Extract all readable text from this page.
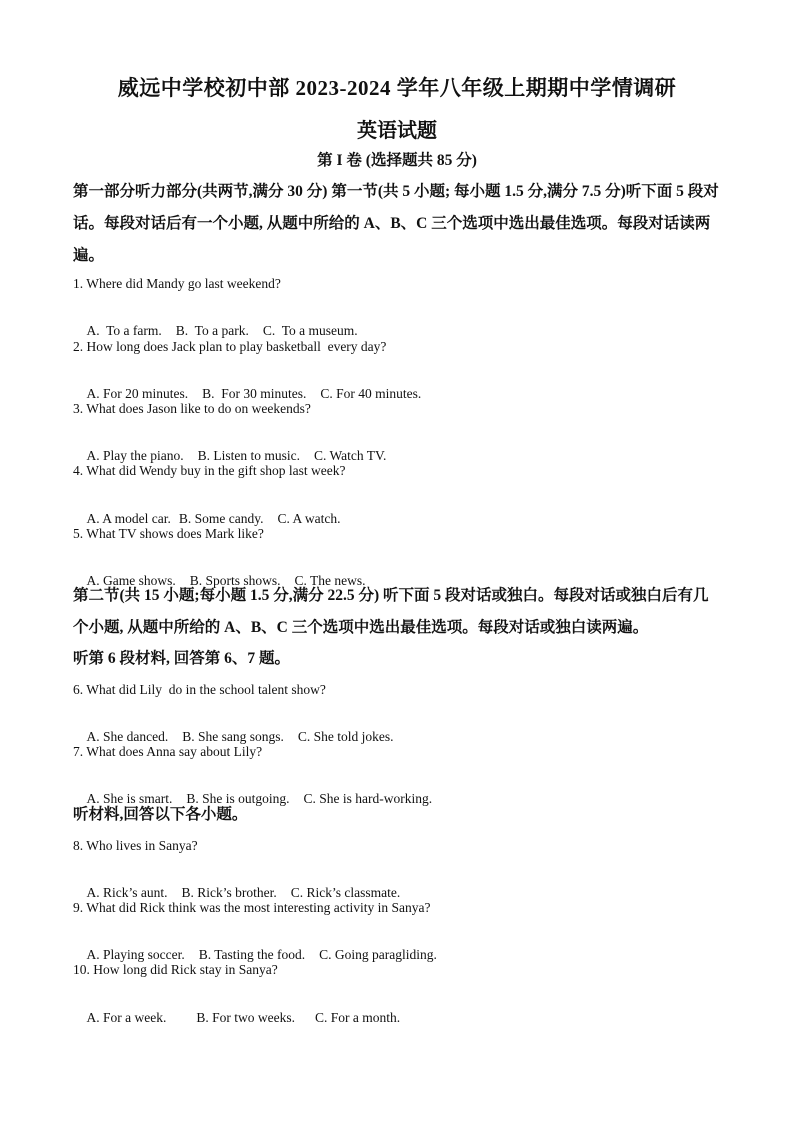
威远中学校初中部 2023-2024 学年八年级上期期中学情调研
英语试题
第 I 卷 (选择题共 85 分)
第一部分听力部分(共两节,满分 30 分) 第一节(共 5 小题; 每小题 1.5 分,满分 7.5 分)听下面 5 段对话。每段对话后有一个小题, 从题中所给的 A、B、C 三个选项中选出最佳选项。每段对话读两遍。
1. Where did Mandy go last weekend?

A.  To a farm. B.  To a park. C.  To a museum.

2. How long does Jack plan to play basketball  every day?

A. For 20 minutes. B.  For 30 minutes. C. For 40 minutes.

3. What does Jason like to do on weekends?

A. Play the piano. B. Listen to music. C. Watch TV.

4. What did Wendy buy in the gift shop last week?

A. A model car. B. Some candy. C. A watch.

5. What TV shows does Mark like?

A. Game shows. B. Sports shows. C. The news.

第二节(共 15 小题;每小题 1.5 分,满分 22.5 分) 听下面 5 段对话或独白。每段对话或独白后有几个小题, 从题中所给的 A、B、C 三个选项中选出最佳选项。每段对话或独白读两遍。
听第 6 段材料, 回答第 6、7 题。
6. What did Lily  do in the school talent show?

A. She danced. B. She sang songs. C. She told jokes.

7. What does Anna say about Lily?

A. She is smart. B. She is outgoing. C. She is hard-working.

听材料,回答以下各小题。
8. Who lives in Sanya?

A. Rick’s aunt. B. Rick’s brother. C. Rick’s classmate.

9. What did Rick think was the most interesting activity in Sanya?

A. Playing soccer. B. Tasting the food. C. Going paragliding.

10. How long did Rick stay in Sanya?

A. For a week. B. For two weeks. C. For a month.
